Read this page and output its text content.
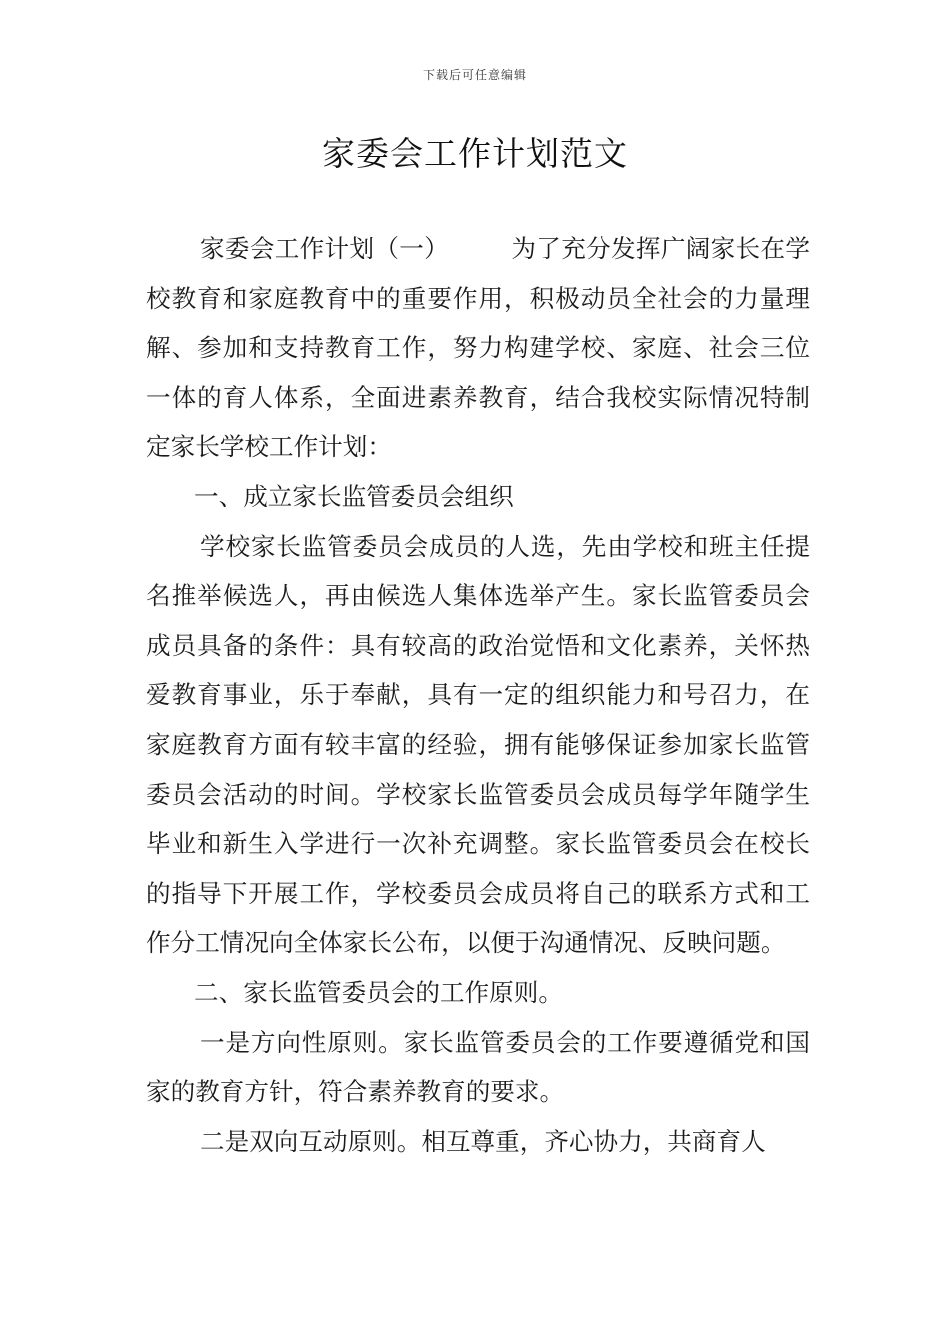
下载后可任意编辑
家委会工作计划范文

家委会工作计划（一）	为了充分发挥广阔家长在学校教育和家庭教育中的重要作用，积极动员全社会的力量理解、参加和支持教育工作，努力构建学校、家庭、社会三位一体的育人体系，全面进素养教育，结合我校实际情况特制定家长学校工作计划：

一、成立家长监管委员会组织

学校家长监管委员会成员的人选，先由学校和班主任提名推举候选人，再由候选人集体选举产生。家长监管委员会成员具备的条件：具有较高的政治觉悟和文化素养，关怀热爱教育事业，乐于奉献，具有一定的组织能力和号召力，在家庭教育方面有较丰富的经验，拥有能够保证参加家长监管委员会活动的时间。学校家长监管委员会成员每学年随学生毕业和新生入学进行一次补充调整。家长监管委员会在校长的指导下开展工作，学校委员会成员将自己的联系方式和工作分工情况向全体家长公布，以便于沟通情况、反映问题。

二、家长监管委员会的工作原则。

一是方向性原则。家长监管委员会的工作要遵循党和国家的教育方针，符合素养教育的要求。

二是双向互动原则。相互尊重，齐心协力，共商育人
